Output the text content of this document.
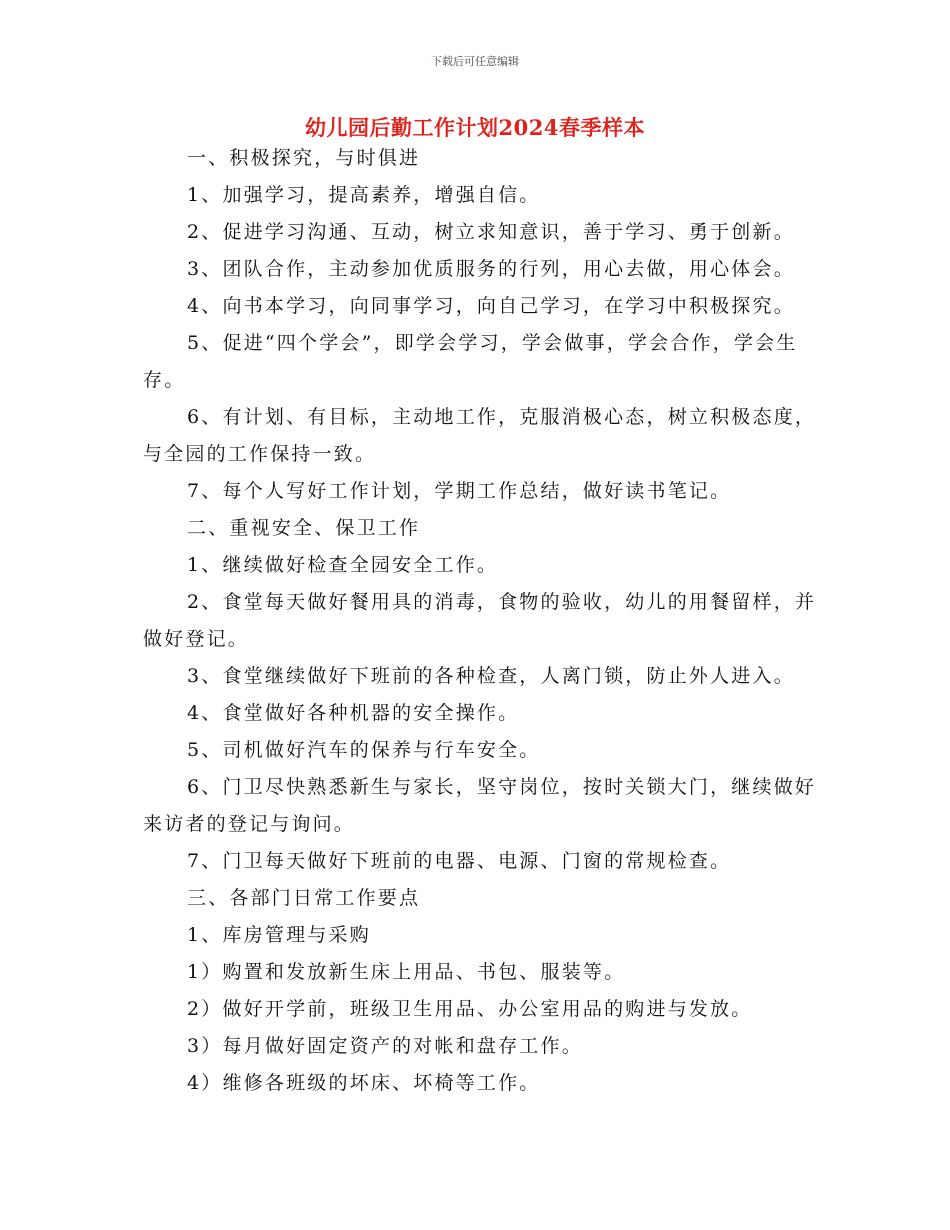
下载后可任意编辑
幼儿园后勤工作计划2024春季样本

一、积极探究，与时俱进

1、加强学习，提高素养，增强自信。

2、促进学习沟通、互动，树立求知意识，善于学习、勇于创新。

3、团队合作，主动参加优质服务的行列，用心去做，用心体会。

4、向书本学习，向同事学习，向自己学习，在学习中积极探究。

5、促进“四个学会”，即学会学习，学会做事，学会合作，学会生存。

6、有计划、有目标，主动地工作，克服消极心态，树立积极态度，与全园的工作保持一致。

7、每个人写好工作计划，学期工作总结，做好读书笔记。

二、重视安全、保卫工作

1、继续做好检查全园安全工作。

2、食堂每天做好餐用具的消毒，食物的验收，幼儿的用餐留样，并做好登记。

3、食堂继续做好下班前的各种检查，人离门锁，防止外人进入。

4、食堂做好各种机器的安全操作。

5、司机做好汽车的保养与行车安全。

6、门卫尽快熟悉新生与家长，坚守岗位，按时关锁大门，继续做好来访者的登记与询问。

7、门卫每天做好下班前的电器、电源、门窗的常规检查。

三、各部门日常工作要点

1、库房管理与采购

1）购置和发放新生床上用品、书包、服装等。

2）做好开学前，班级卫生用品、办公室用品的购进与发放。

3）每月做好固定资产的对帐和盘存工作。

4）维修各班级的坏床、坏椅等工作。
